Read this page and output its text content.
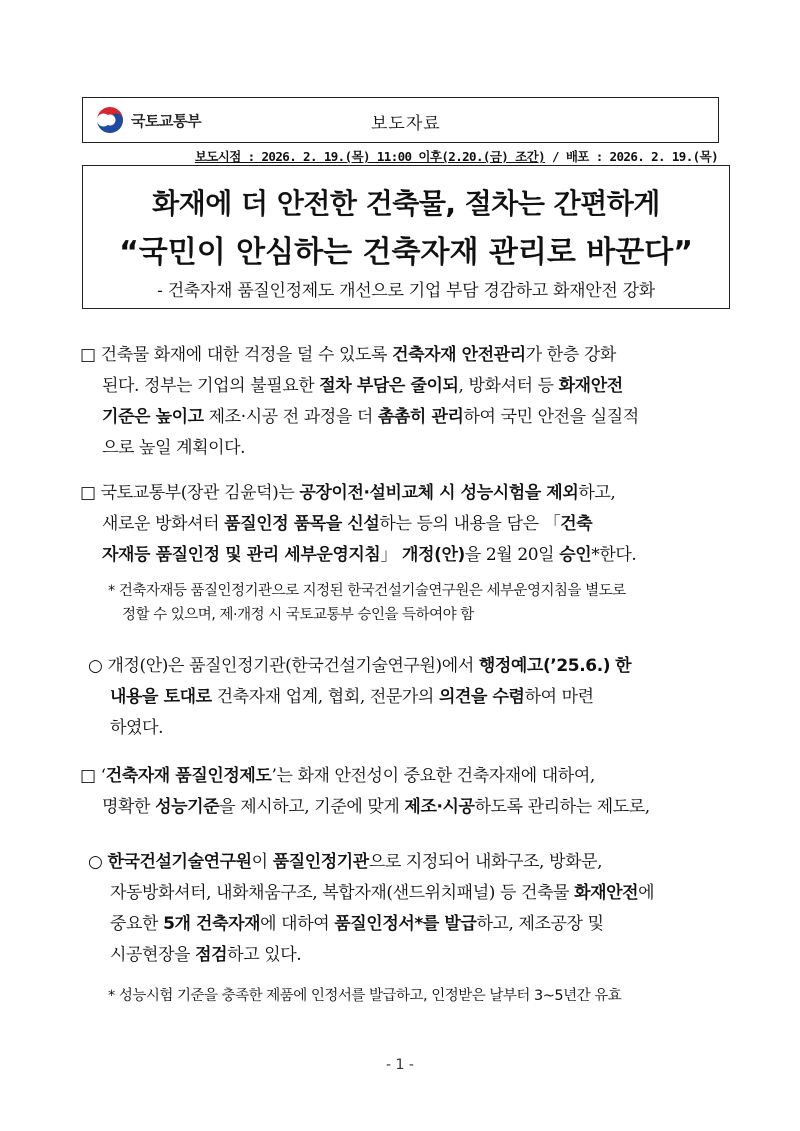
국토교통부	보도자료
보도시점 : 2026. 2. 19.(목) 11:00 이후(2.20.(금) 조간) / 배포 : 2026. 2. 19.(목)
화재에 더 안전한 건축물, 절차는 간편하게
“국민이 안심하는 건축자재 관리로 바꾼다”
- 건축자재 품질인정제도 개선으로 기업 부담 경감하고 화재안전 강화
□ 건축물 화재에 대한 걱정을 덜 수 있도록 건축자재 안전관리가 한층 강화
된다. 정부는 기업의 불필요한 절차 부담은 줄이되, 방화셔터 등 화재안전
기준은 높이고 제조·시공 전 과정을 더 촘촘히 관리하여 국민 안전을 실질적
으로 높일 계획이다.
□ 국토교통부(장관 김윤덕)는 공장이전·설비교체 시 성능시험을 제외하고,
새로운 방화셔터 품질인정 품목을 신설하는 등의 내용을 담은 「건축
자재등 품질인정 및 관리 세부운영지침」 개정(안)을 2월 20일 승인*한다.
* 건축자재등 품질인정기관으로 지정된 한국건설기술연구원은 세부운영지침을 별도로
정할 수 있으며, 제·개정 시 국토교통부 승인을 득하여야 함
○ 개정(안)은 품질인정기관(한국건설기술연구원)에서 행정예고(’25.6.) 한
내용을 토대로 건축자재 업계, 협회, 전문가의 의견을 수렴하여 마련
하였다.
□ ‘건축자재 품질인정제도’는 화재 안전성이 중요한 건축자재에 대하여,
명확한 성능기준을 제시하고, 기준에 맞게 제조·시공하도록 관리하는 제도로,
○ 한국건설기술연구원이 품질인정기관으로 지정되어 내화구조, 방화문,
자동방화셔터, 내화채움구조, 복합자재(샌드위치패널) 등 건축물 화재안전에
중요한 5개 건축자재에 대하여 품질인정서*를 발급하고, 제조공장 및
시공현장을 점검하고 있다.
* 성능시험 기준을 충족한 제품에 인정서를 발급하고, 인정받은 날부터 3~5년간 유효
- 1 -
